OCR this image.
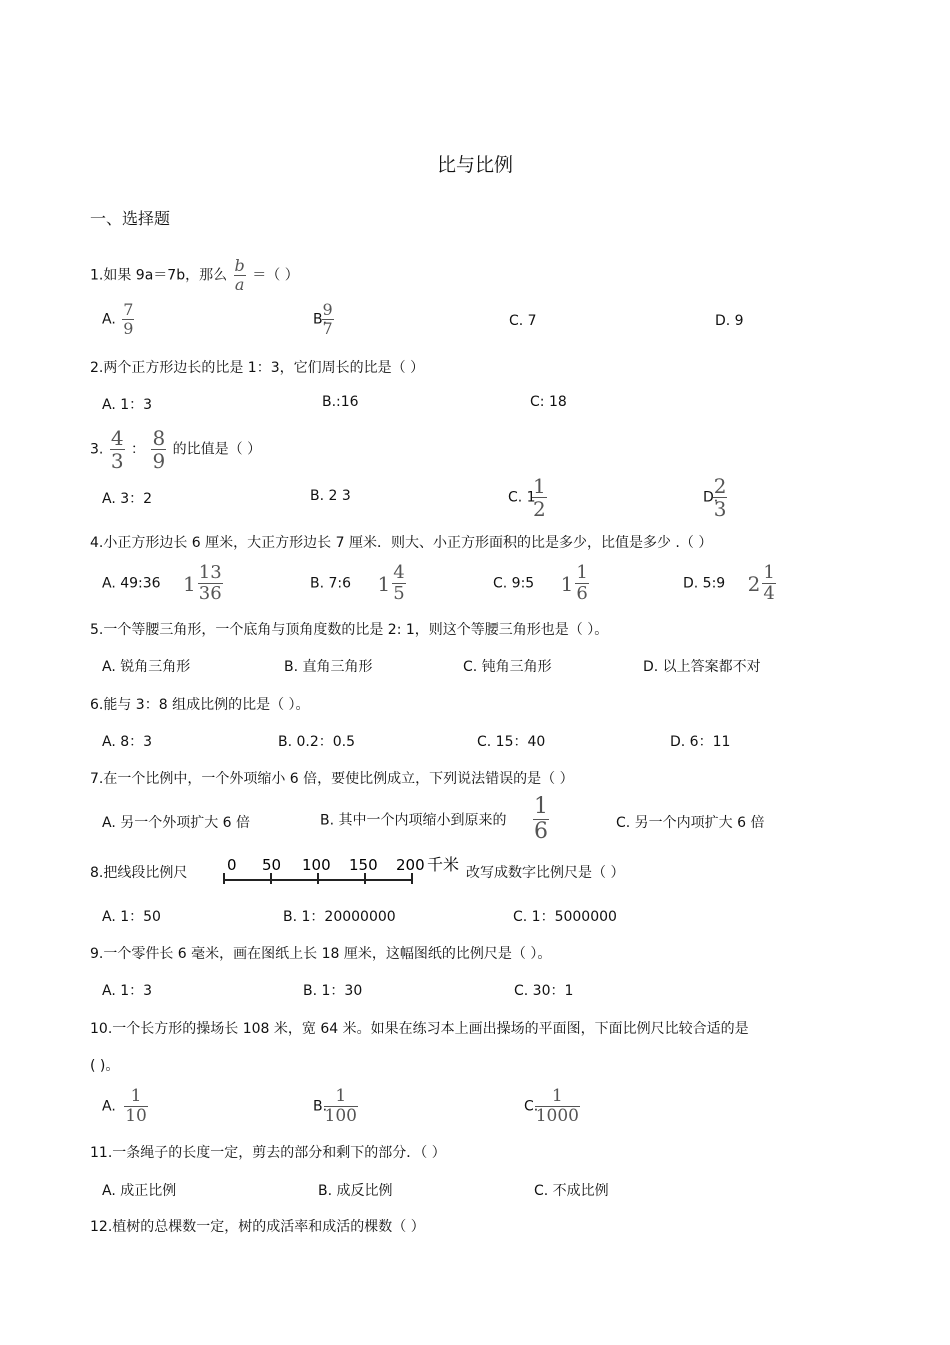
比与比例
一、选择题
1.如果 9a＝7b，那么 $\frac{b}{a}$ ＝（ ）
A. $\frac{7}{9}$	B.
$\frac{9}{7}$	C. 7	D. 9
2.两个正方形边长的比是 1：3，它们周长的比是（ ）
A. 1：3	B.:16	C: 18
3. $\frac{4}{3}$ ： $\frac{8}{9}$ 的比值是（ ）
A. 3：2	B. 2 3	C. 1
$\frac{1}{2}$	D.
$\frac{2}{3}$
4.小正方形边长 6 厘米，大正方形边长 7 厘米．则大、小正方形面积的比是多少，比值是多少 .（ ）
A. 49:36 $1 \frac{13}{36}$	B. 7:6 $1 \frac{4}{5}$	C. 9:5 $1 \frac{1}{6}$	D. 5:9 $2 \frac{1}{4}$
5.一个等腰三角形，一个底角与顶角度数的比是 2: 1，则这个等腰三角形也是（ ）。
A. 锐角三角形	B. 直角三角形	C. 钝角三角形	D. 以上答案都不对
6.能与 3：8 组成比例的比是（ ）。
A. 8：3	B. 0.2：0.5	C. 15：40	D. 6：11
7.在一个比例中，一个外项缩小 6 倍，要使比例成立，下列说法错误的是（ ）
A. 另一个外项扩大 6 倍	B. 其中一个内项缩小到原来的 $\frac{1}{6}$	C. 另一个内项扩大 6 倍
8.把线段比例尺	0 50 100 150 200 千米 改写成数字比例尺是（ ）
A. 1：50	B. 1：20000000	C. 1：5000000
9.一个零件长 6 毫米，画在图纸上长 18 厘米，这幅图纸的比例尺是（ ）。
A. 1：3	B. 1：30	C. 30：1
10.一个长方形的操场长 108 米，宽 64 米。如果在练习本上画出操场的平面图，下面比例尺比较合适的是
( )。
A. $\frac{1}{10}$	B.
$\frac{1}{100}$	C.
$\frac{1}{1000}$
11.一条绳子的长度一定，剪去的部分和剩下的部分．（ ）
A. 成正比例	B. 成反比例	C. 不成比例
12.植树的总棵数一定，树的成活率和成活的棵数（ ）
